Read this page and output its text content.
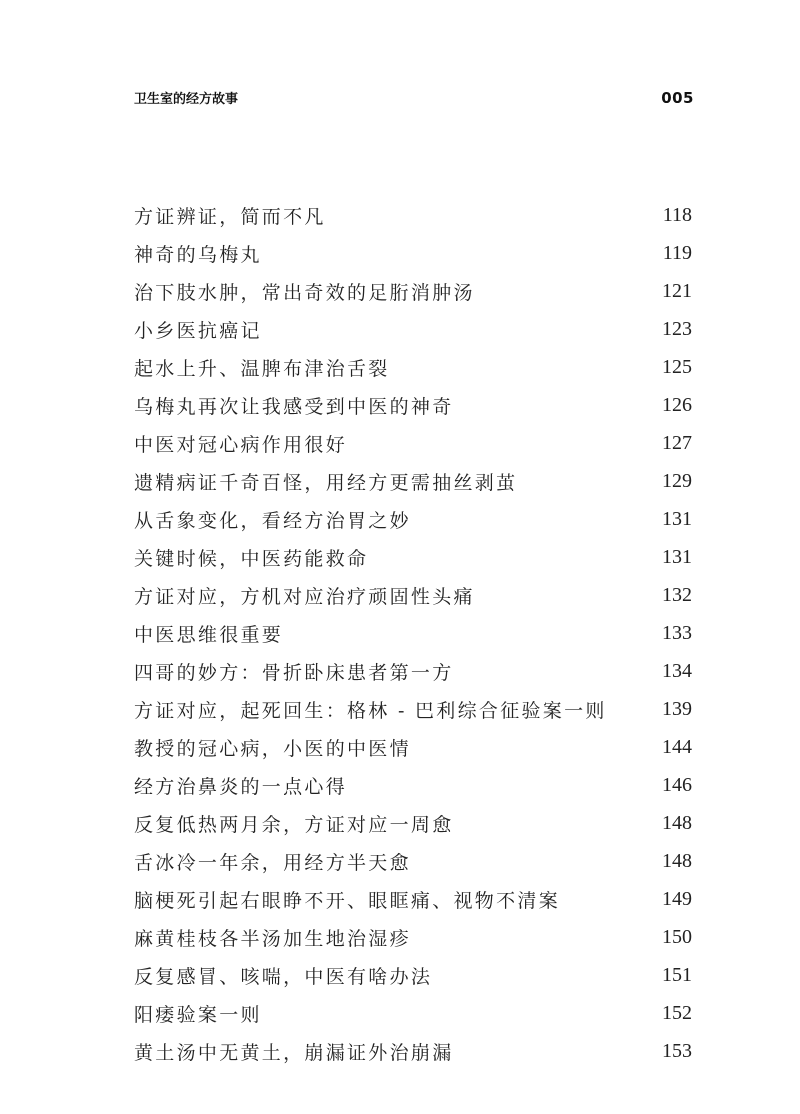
卫生室的经方故事	005
方证辨证，简而不凡	118
神奇的乌梅丸	119
治下肢水肿，常出奇效的足胻消肿汤	121
小乡医抗癌记	123
起水上升、温脾布津治舌裂	125
乌梅丸再次让我感受到中医的神奇	126
中医对冠心病作用很好	127
遗精病证千奇百怪，用经方更需抽丝剥茧	129
从舌象变化，看经方治胃之妙	131
关键时候，中医药能救命	131
方证对应，方机对应治疗顽固性头痛	132
中医思维很重要	133
四哥的妙方：骨折卧床患者第一方	134
方证对应，起死回生：格林 - 巴利综合征验案一则	139
教授的冠心病，小医的中医情	144
经方治鼻炎的一点心得	146
反复低热两月余，方证对应一周愈	148
舌冰冷一年余，用经方半天愈	148
脑梗死引起右眼睁不开、眼眶痛、视物不清案	149
麻黄桂枝各半汤加生地治湿疹	150
反复感冒、咳喘，中医有啥办法	151
阳痿验案一则	152
黄土汤中无黄土，崩漏证外治崩漏	153
